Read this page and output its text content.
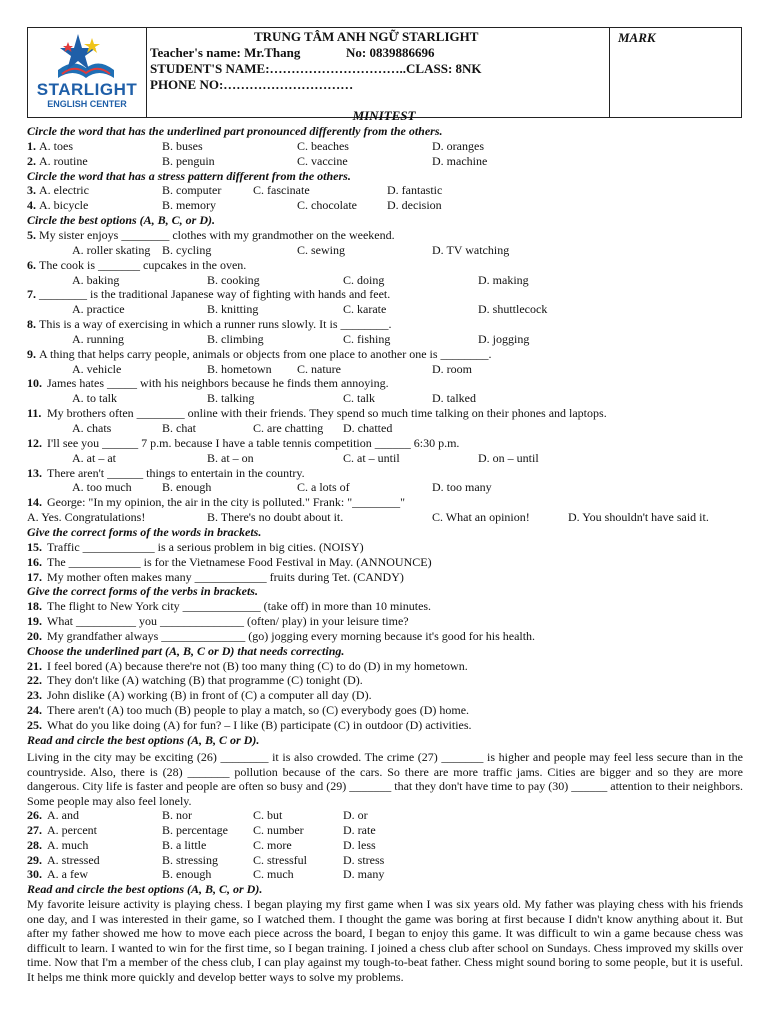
STARLIGHT
ENGLISH CENTER
TRUNG TÂM ANH NGỮ STARLIGHT
Teacher's name: Mr.Thang	No: 0839886696
STUDENT'S NAME:…………………………..CLASS: 8NK
PHONE NO:…………………………
MARK
MINITEST
Circle the word that has the underlined part pronounced differently from the others.
1. A. toes	B. buses	C. beaches	D. oranges
2. A. routine	B. penguin	C. vaccine	D. machine
Circle the word that has a stress pattern different from the others.
3. A. electric	B. computer	C. fascinate	D. fantastic
4. A. bicycle	B. memory	C. chocolate	D. decision
Circle the best options (A, B, C, or D).
5. My sister enjoys ________ clothes with my grandmother on the weekend.
A. roller skating B. cycling	C. sewing	D. TV watching
6. The cook is _______ cupcakes in the oven.
A. baking	B. cooking	C. doing	D. making
7. ________ is the traditional Japanese way of fighting with hands and feet.
A. practice	B. knitting	C. karate	D. shuttlecock
8. This is a way of exercising in which a runner runs slowly. It is ________.
A. running	B. climbing	C. fishing	D. jogging
9. A thing that helps carry people, animals or objects from one place to another one is ________.
A. vehicle	B. hometown C. nature	D. room
10. James hates _____ with his neighbors because he finds them annoying.
A. to talk	B. talking	C. talk	D. talked
11. My brothers often ________ online with their friends. They spend so much time talking on their phones and laptops.
A. chats	B. chat	C. are chatting D. chatted
12. I'll see you ______ 7 p.m. because I have a table tennis competition ______ 6:30 p.m.
A. at – at	B. at – on	C. at – until	D. on – until
13. There aren't ______ things to entertain in the country.
A. too much	B. enough	C. a lots of	D. too many
14. George: "In my opinion, the air in the city is polluted." Frank: "________"
A. Yes. Congratulations!	B. There's no doubt about it.	C. What an opinion!	D. You shouldn't have said it.
Give the correct forms of the words in brackets.
15. Traffic ____________ is a serious problem in big cities. (NOISY)
16. The ____________ is for the Vietnamese Food Festival in May. (ANNOUNCE)
17. My mother often makes many ____________ fruits during Tet. (CANDY)
Give the correct forms of the verbs in brackets.
18. The flight to New York city _____________ (take off) in more than 10 minutes.
19. What __________ you ______________ (often/ play) in your leisure time?
20. My grandfather always ______________ (go) jogging every morning because it's good for his health.
Choose the underlined part (A, B, C or D) that needs correcting.
21. I feel bored (A) because there're not (B) too many thing (C) to do (D) in my hometown.
22. They don't like (A) watching (B) that programme (C) tonight (D).
23. John dislike (A) working (B) in front of (C) a computer all day (D).
24. There aren't (A) too much (B) people to play a match, so (C) everybody goes (D) home.
25. What do you like doing (A) for fun? – I like (B) participate (C) in outdoor (D) activities.
Read and circle the best options (A, B, C or D).
Living in the city may be exciting (26) ________ it is also crowded. The crime (27) _______ is higher and people may feel less secure than in the countryside. Also, there is (28) _______ pollution because of the cars. So there are more traffic jams. Cities are bigger and so they are more dangerous. City life is faster and people are often so busy and (29) _______ that they don't have time to pay (30) ______ attention to their neighbors. Some people may also feel lonely.
26. A. and	B. nor	C. but	D. or
27. A. percent	B. percentage C. number	D. rate
28. A. much	B. a little	C. more	D. less
29. A. stressed	B. stressing	C. stressful	D. stress
30. A. a few	B. enough	C. much	D. many
Read and circle the best options (A, B, C, or D).
My favorite leisure activity is playing chess. I began playing my first game when I was six years old. My father was playing chess with his friends one day, and I was interested in their game, so I watched them. I thought the game was boring at first because I didn't know anything about it. But after my father showed me how to move each piece across the board, I began to enjoy this game. It was difficult to win a game because chess was difficult to learn. I wanted to win for the first time, so I began training. I joined a chess club after school on Sundays. Chess improved my skills over time. Now that I'm a member of the chess club, I can play against my tough-to-beat father. Chess might sound boring to some people, but it is useful. It helps me think more quickly and develop better ways to solve my problems.
